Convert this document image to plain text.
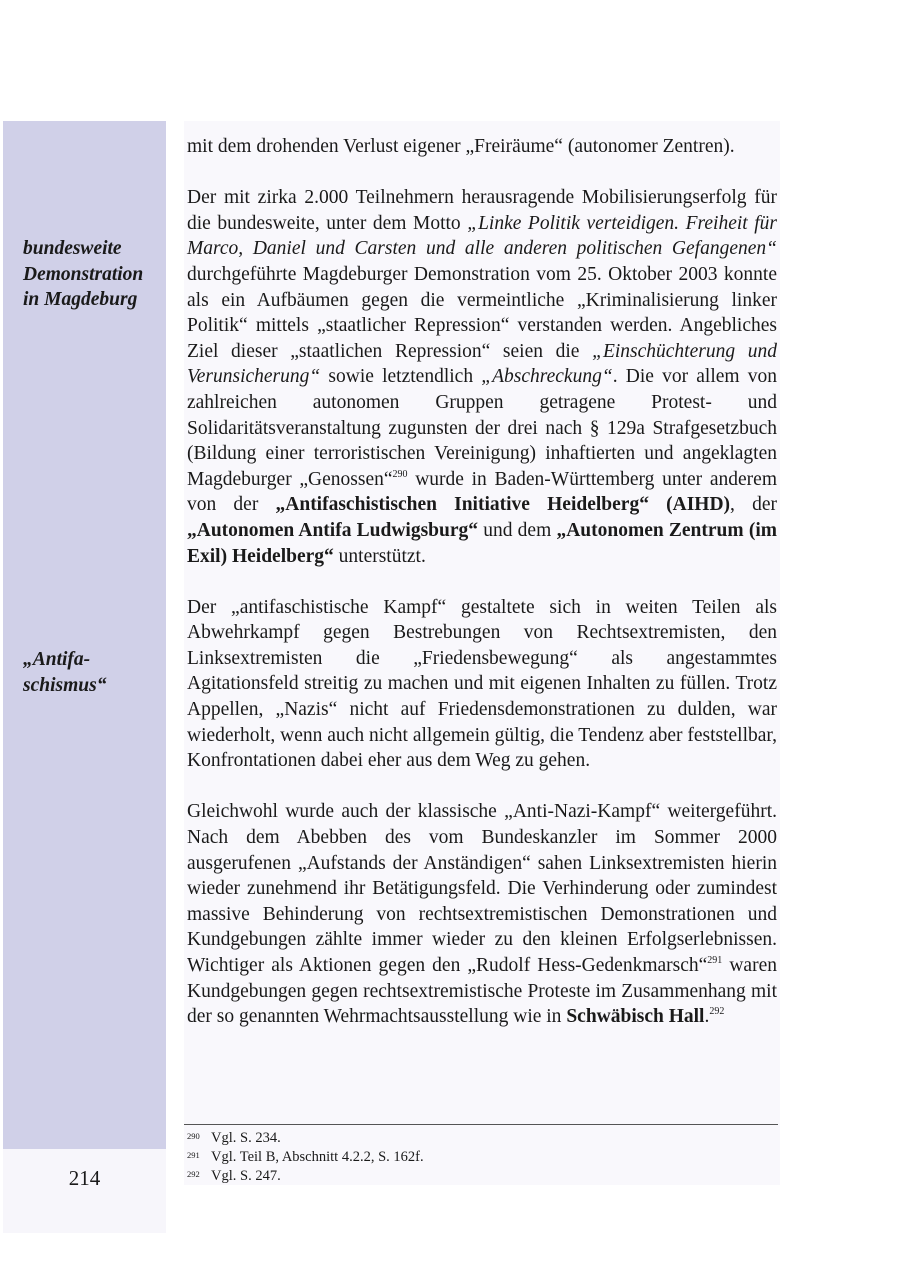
bundesweite
Demonstration
in Magdeburg
„Antifa-
schismus“

mit dem drohenden Verlust eigener „Freiräume“ (autonomer Zentren).

Der mit zirka 2.000 Teilnehmern herausragende Mobilisierungserfolg für die bundesweite, unter dem Motto „Linke Politik verteidigen. Freiheit für Marco, Daniel und Carsten und alle anderen politischen Gefangenen“ durchgeführte Magdeburger Demonstration vom 25. Oktober 2003 konnte als ein Aufbäumen gegen die vermeintliche „Kriminalisierung linker Politik“ mittels „staatlicher Repression“ verstanden werden. Angebliches Ziel dieser „staatlichen Repression“ seien die „Einschüchterung und Verunsicherung“ sowie letztendlich „Abschreckung“. Die vor allem von zahlreichen autonomen Gruppen getragene Protest- und Solidaritätsveranstaltung zugunsten der drei nach § 129a Strafgesetzbuch (Bildung einer terroristischen Vereinigung) inhaftierten und angeklagten Magdeburger „Genossen“$^{290}$ wurde in Baden-Württemberg unter anderem von der „Antifaschistischen Initiative Heidelberg“ (AIHD), der „Autonomen Antifa Ludwigsburg“ und dem „Autonomen Zentrum (im Exil) Heidelberg“ unterstützt.

Der „antifaschistische Kampf“ gestaltete sich in weiten Teilen als Abwehrkampf gegen Bestrebungen von Rechtsextremisten, den Linksextremisten die „Friedensbewegung“ als angestammtes Agitationsfeld streitig zu machen und mit eigenen Inhalten zu füllen. Trotz Appellen, „Nazis“ nicht auf Friedensdemonstrationen zu dulden, war wiederholt, wenn auch nicht allgemein gültig, die Tendenz aber feststellbar, Konfrontationen dabei eher aus dem Weg zu gehen.

Gleichwohl wurde auch der klassische „Anti-Nazi-Kampf“ weitergeführt. Nach dem Abebben des vom Bundeskanzler im Sommer 2000 ausgerufenen „Aufstands der Anständigen“ sahen Linksextremisten hierin wieder zunehmend ihr Betätigungsfeld. Die Verhinderung oder zumindest massive Behinderung von rechtsextremistischen Demonstrationen und Kundgebungen zählte immer wieder zu den kleinen Erfolgserlebnissen. Wichtiger als Aktionen gegen den „Rudolf Hess-Gedenkmarsch“$^{291}$ waren Kundgebungen gegen rechtsextremistische Proteste im Zusammenhang mit der so genannten Wehrmachtsausstellung wie in Schwäbisch Hall.$^{292}$

290 Vgl. S. 234.
291 Vgl. Teil B, Abschnitt 4.2.2, S. 162f.
292 Vgl. S. 247.
214
